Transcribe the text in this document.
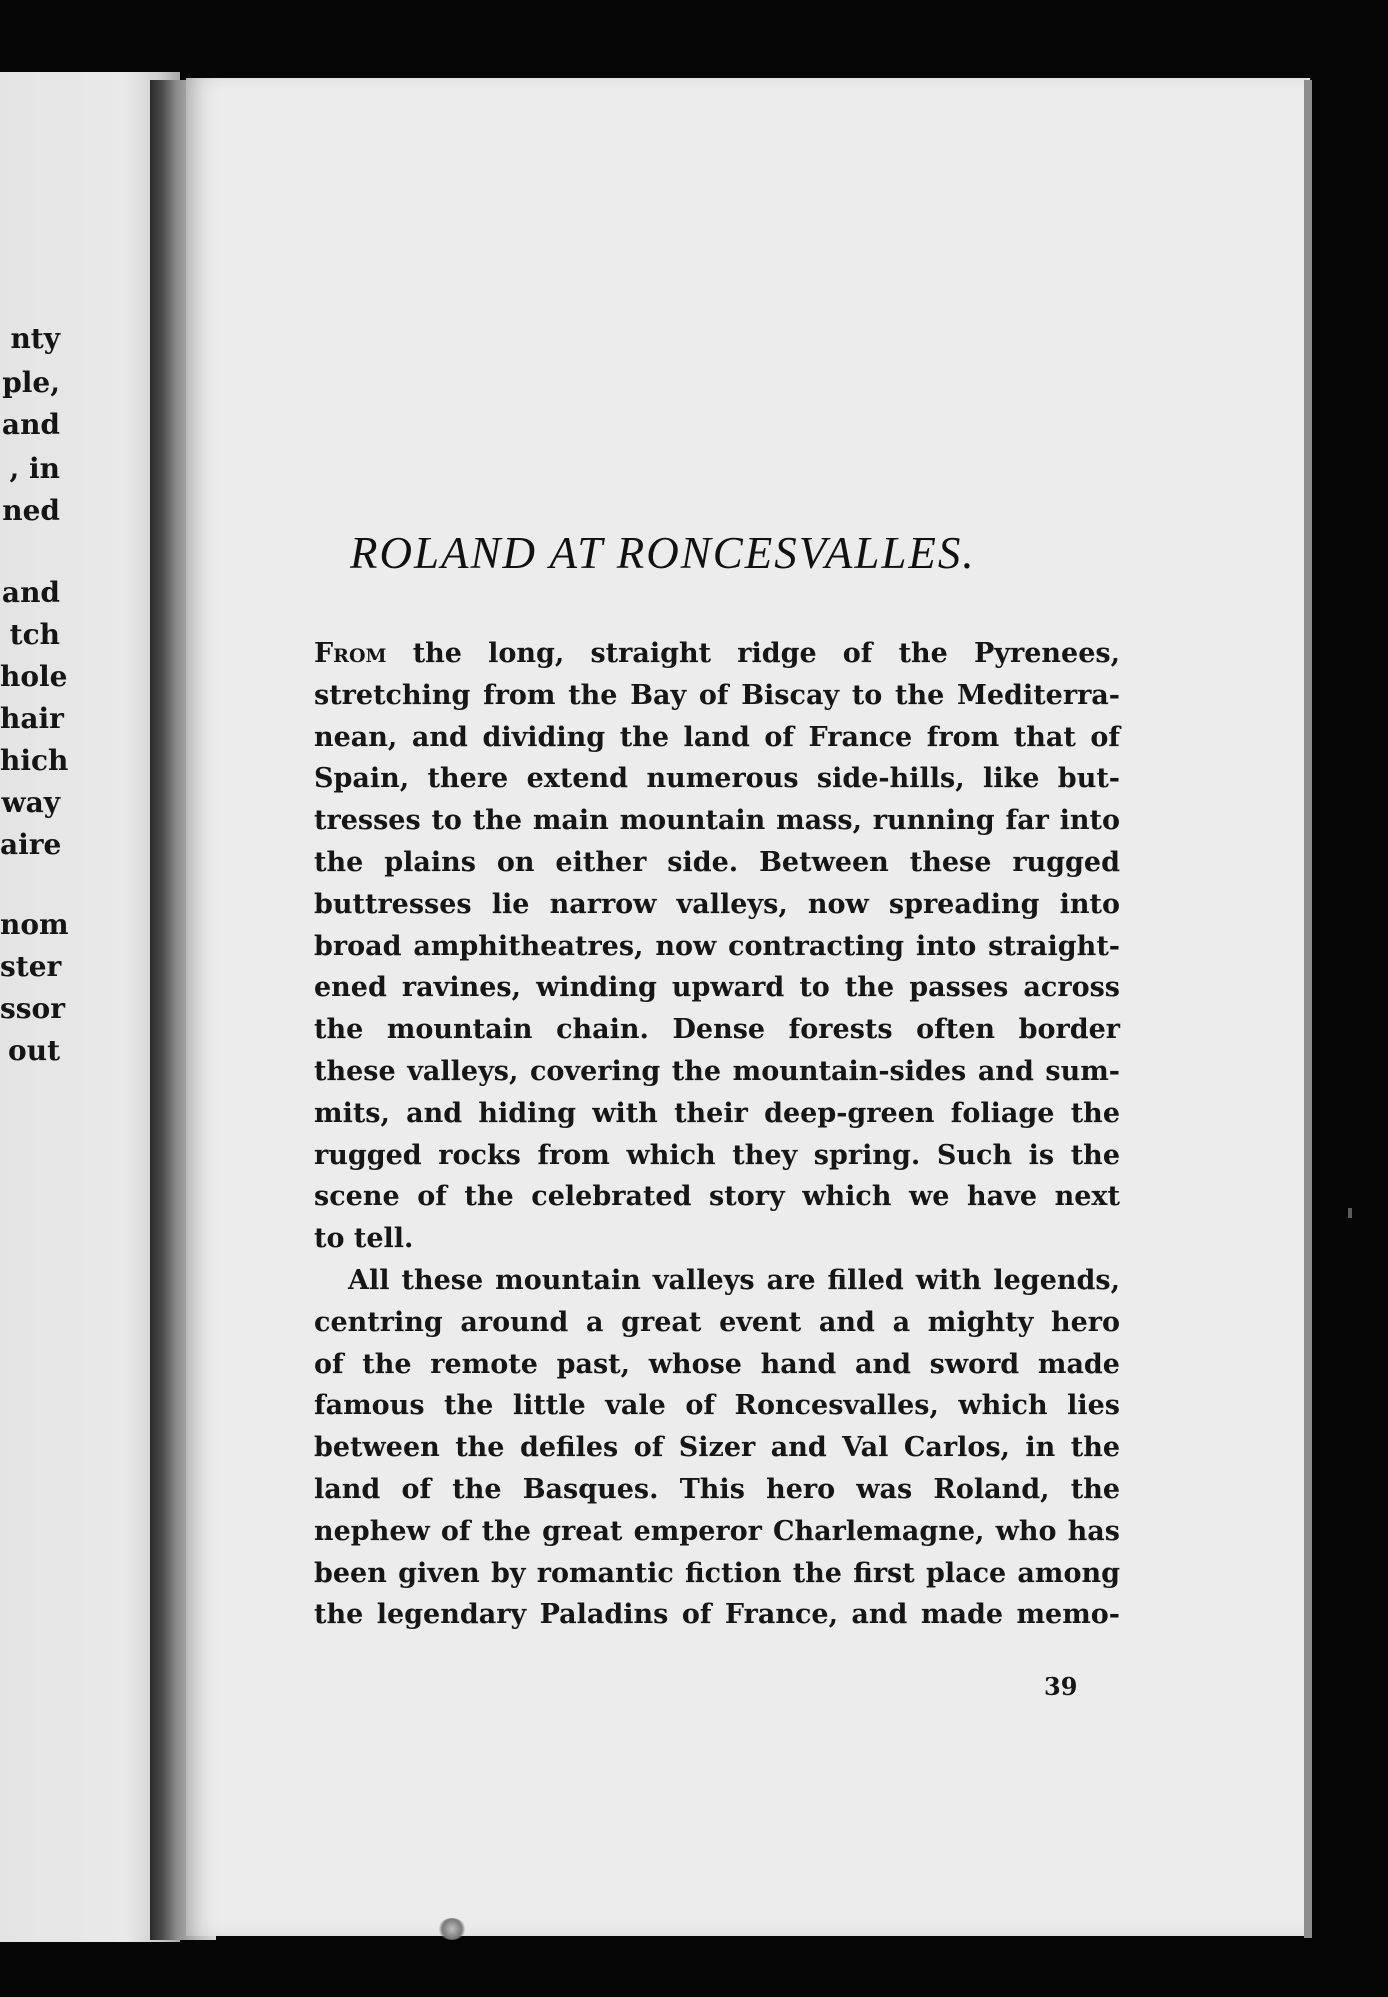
nty
ple,
and
, in
ned
and
tch
hole
hair
hich
way
aire
nom
ster
ssor
out
ROLAND AT RONCESVALLES.
From the long, straight ridge of the Pyrenees,
stretching from the Bay of Biscay to the Mediterra-
nean, and dividing the land of France from that of
Spain, there extend numerous side-hills, like but-
tresses to the main mountain mass, running far into
the plains on either side. Between these rugged
buttresses lie narrow valleys, now spreading into
broad amphitheatres, now contracting into straight-
ened ravines, winding upward to the passes across
the mountain chain. Dense forests often border
these valleys, covering the mountain-sides and sum-
mits, and hiding with their deep-green foliage the
rugged rocks from which they spring. Such is the
scene of the celebrated story which we have next
to tell.
All these mountain valleys are filled with legends,
centring around a great event and a mighty hero
of the remote past, whose hand and sword made
famous the little vale of Roncesvalles, which lies
between the defiles of Sizer and Val Carlos, in the
land of the Basques. This hero was Roland, the
nephew of the great emperor Charlemagne, who has
been given by romantic fiction the first place among
the legendary Paladins of France, and made memo-
39
